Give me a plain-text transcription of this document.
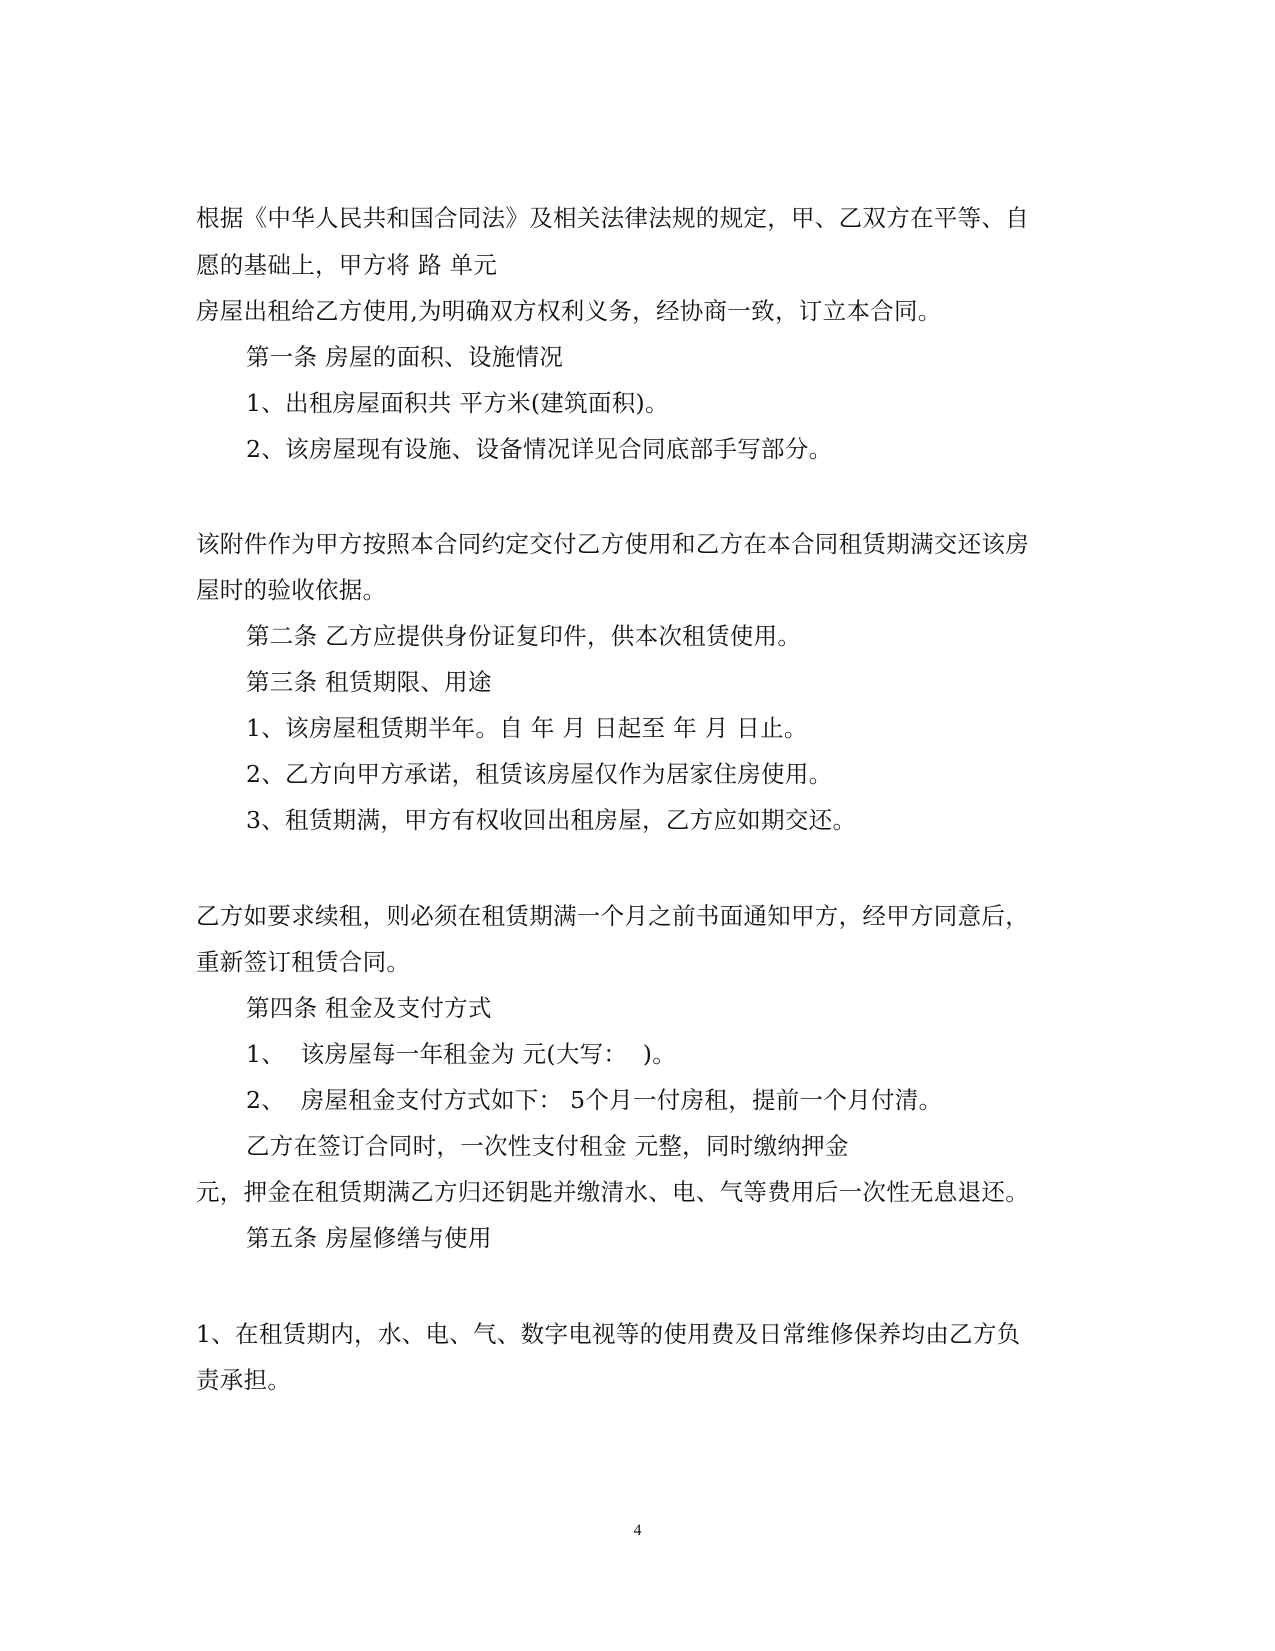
根据《中华人民共和国合同法》及相关法律法规的规定，甲、乙双方在平等、自
愿的基础上，甲方将 路 单元
房屋出租给乙方使用,为明确双方权利义务，经协商一致，订立本合同。
第一条 房屋的面积、设施情况
1、出租房屋面积共 平方米(建筑面积)。
2、该房屋现有设施、设备情况详见合同底部手写部分。
该附件作为甲方按照本合同约定交付乙方使用和乙方在本合同租赁期满交还该房
屋时的验收依据。
第二条 乙方应提供身份证复印件，供本次租赁使用。
第三条 租赁期限、用途
1、该房屋租赁期半年。自 年 月 日起至 年 月 日止。
2、乙方向甲方承诺，租赁该房屋仅作为居家住房使用。
3、租赁期满，甲方有权收回出租房屋，乙方应如期交还。
乙方如要求续租，则必须在租赁期满一个月之前书面通知甲方，经甲方同意后，
重新签订租赁合同。
第四条 租金及支付方式
1、  该房屋每一年租金为 元(大写：  )。
2、  房屋租金支付方式如下： 5个月一付房租，提前一个月付清。
乙方在签订合同时，一次性支付租金 元整，同时缴纳押金
元，押金在租赁期满乙方归还钥匙并缴清水、电、气等费用后一次性无息退还。
第五条 房屋修缮与使用
1、在租赁期内，水、电、气、数字电视等的使用费及日常维修保养均由乙方负
责承担。
4
